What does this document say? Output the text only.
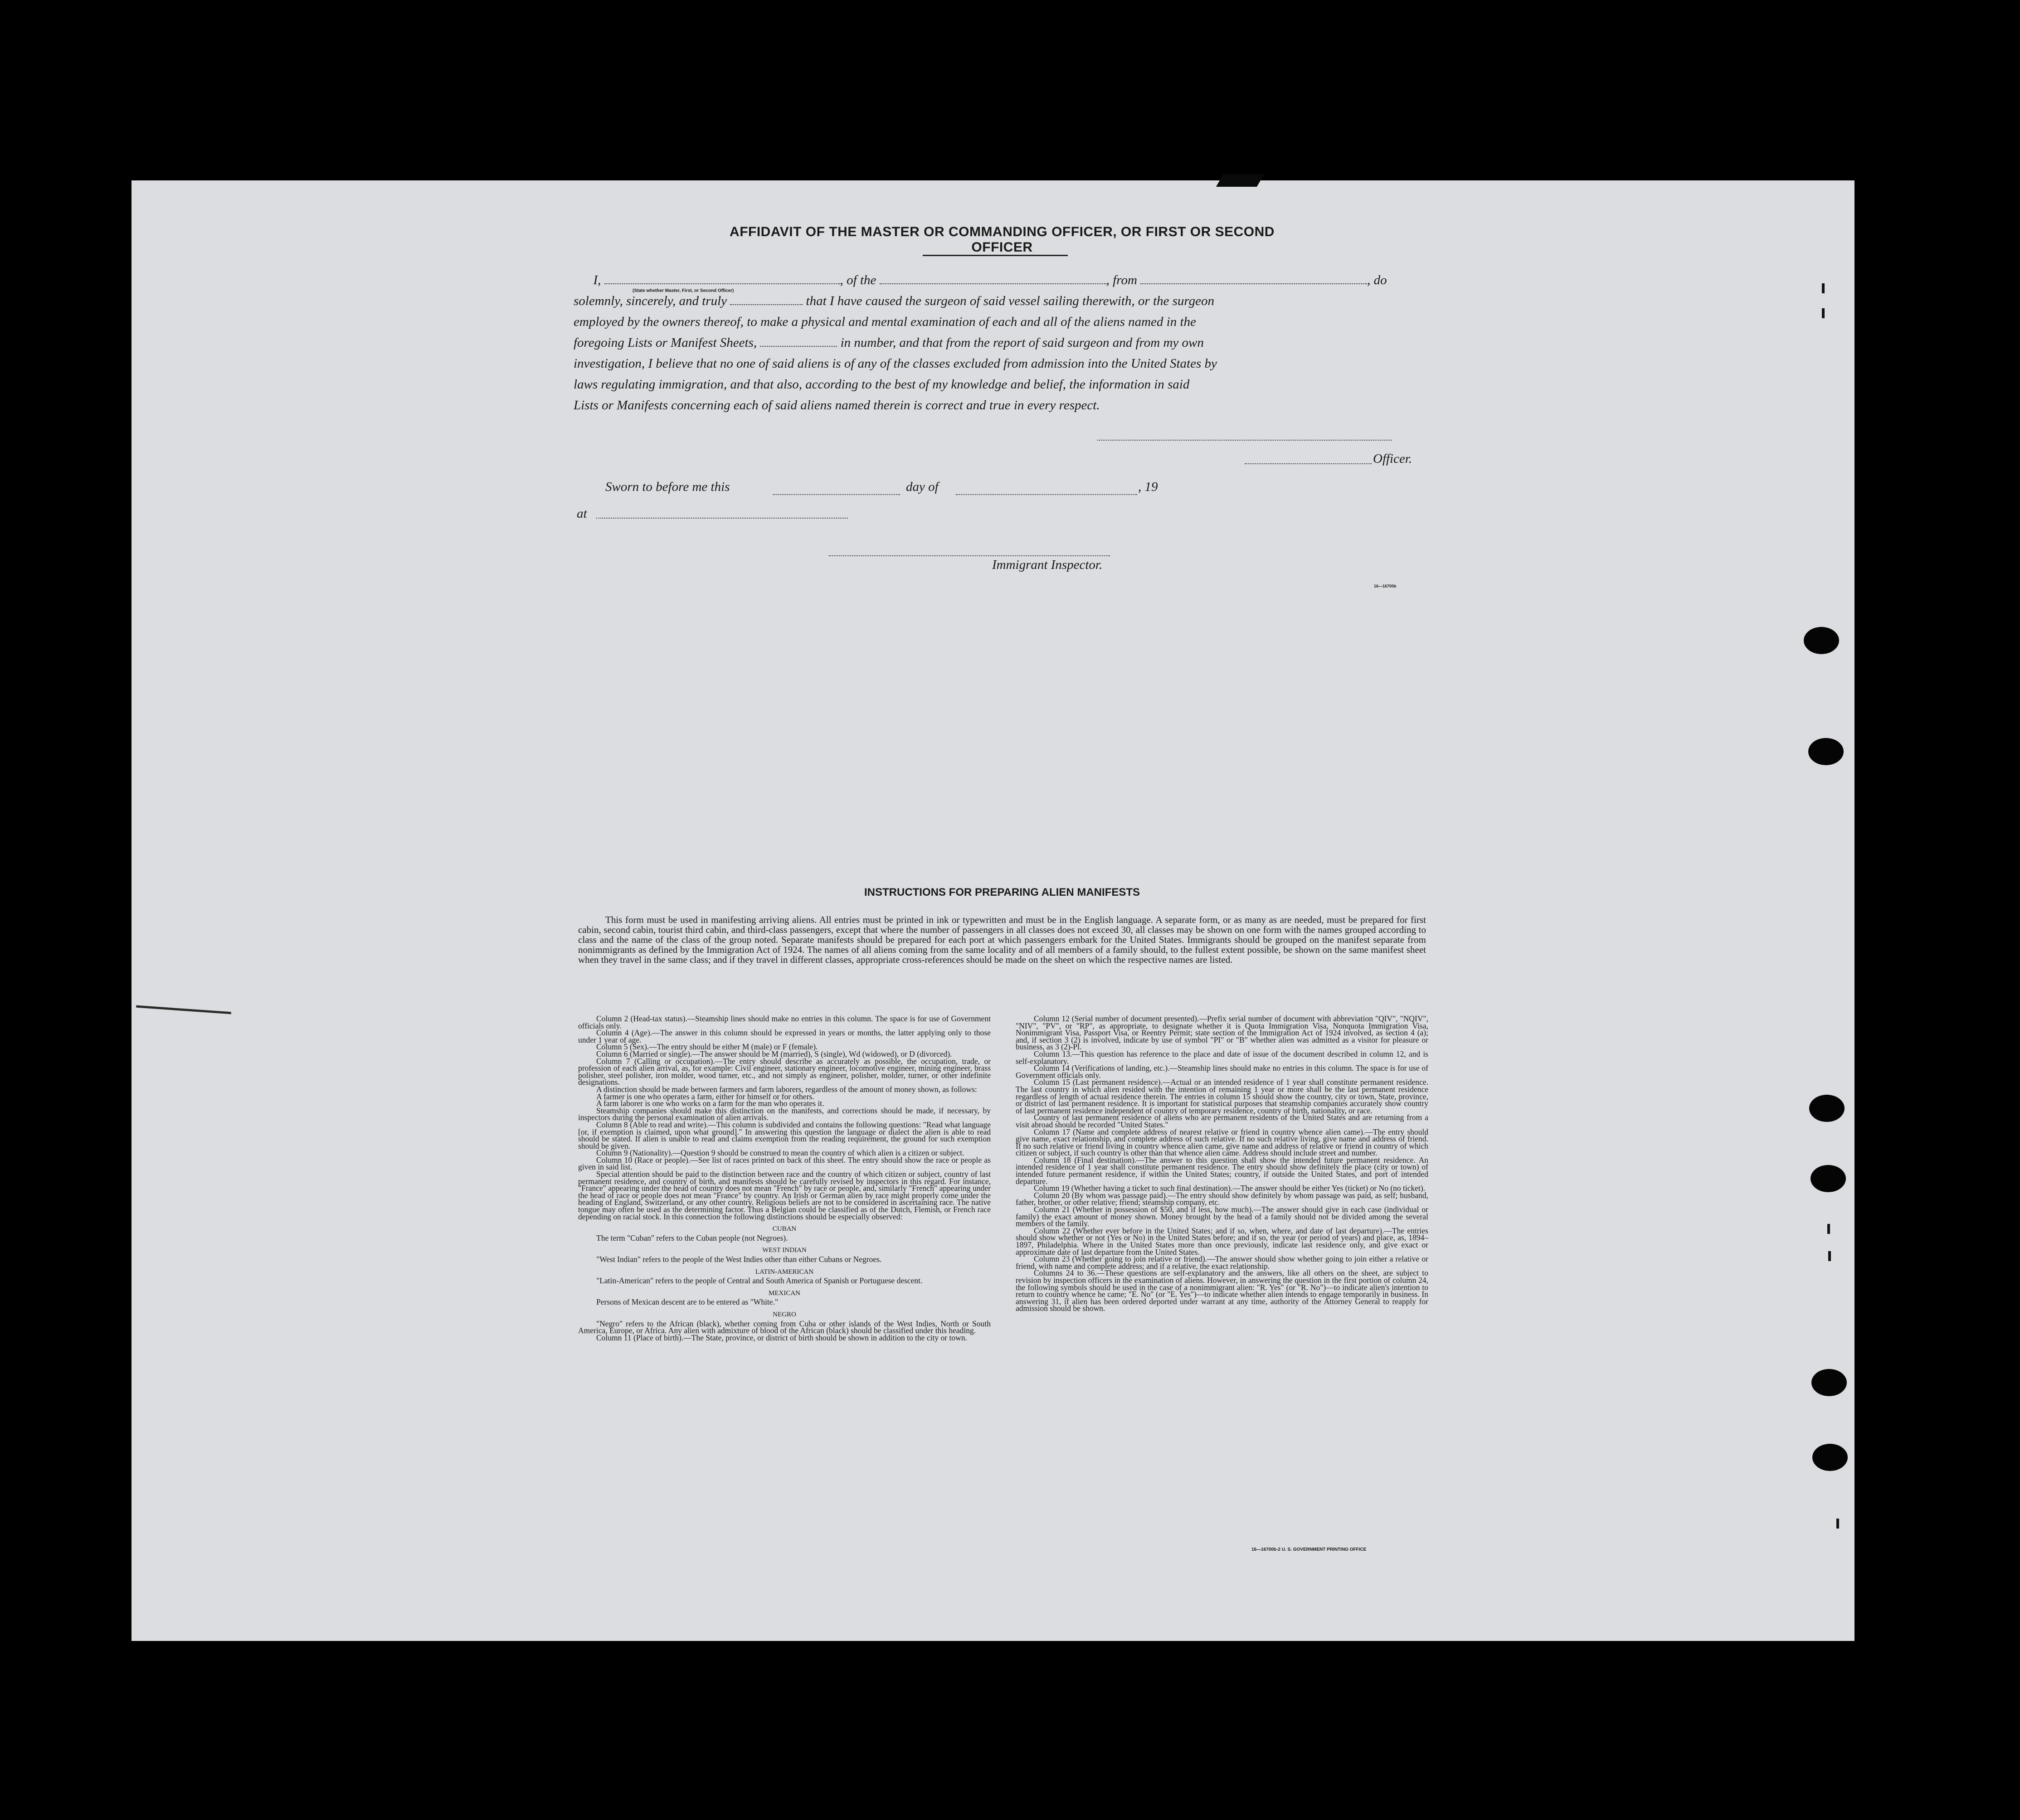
AFFIDAVIT OF THE MASTER OR COMMANDING OFFICER, OR FIRST OR SECOND OFFICER
I,	, of the	, from	, do
solemnly, sincerely, and truly	that I have caused the surgeon of said vessel sailing therewith, or the surgeon
employed by the owners thereof, to make a physical and mental examination of each and all of the aliens named in the
foregoing Lists or Manifest Sheets,	in number, and that from the report of said surgeon and from my own
investigation, I believe that no one of said aliens is of any of the classes excluded from admission into the United States by
laws regulating immigration, and that also, according to the best of my knowledge and belief, the information in said
Lists or Manifests concerning each of said aliens named therein is correct and true in every respect.
(State whether Master, First, or Second Officer)
Officer.
Sworn to before me this	day of	, 19
at
Immigrant Inspector.
16—16700b
INSTRUCTIONS FOR PREPARING ALIEN MANIFESTS
This form must be used in manifesting arriving aliens. All entries must be printed in ink or typewritten and must be in the English language. A separate form, or as many as are needed, must be prepared for first cabin, second cabin, tourist third cabin, and third-class passengers, except that where the number of passengers in all classes does not exceed 30, all classes may be shown on one form with the names grouped according to class and the name of the class of the group noted. Separate manifests should be prepared for each port at which passengers embark for the United States. Immigrants should be grouped on the manifest separate from nonimmigrants as defined by the Immigration Act of 1924. The names of all aliens coming from the same locality and of all members of a family should, to the fullest extent possible, be shown on the same manifest sheet when they travel in the same class; and if they travel in different classes, appropriate cross-references should be made on the sheet on which the respective names are listed.

Column 2 (Head-tax status).—Steamship lines should make no entries in this column. The space is for use of Government officials only.

Column 4 (Age).—The answer in this column should be expressed in years or months, the latter applying only to those under 1 year of age.

Column 5 (Sex).—The entry should be either M (male) or F (female).

Column 6 (Married or single).—The answer should be M (married), S (single), Wd (widowed), or D (divorced).

Column 7 (Calling or occupation).—The entry should describe as accurately as possible, the occupation, trade, or profession of each alien arrival, as, for example: Civil engineer, stationary engineer, locomotive engineer, mining engineer, brass polisher, steel polisher, iron molder, wood turner, etc., and not simply as engineer, polisher, molder, turner, or other indefinite designations.

A distinction should be made between farmers and farm laborers, regardless of the amount of money shown, as follows:

A farmer is one who operates a farm, either for himself or for others.

A farm laborer is one who works on a farm for the man who operates it.

Steamship companies should make this distinction on the manifests, and corrections should be made, if necessary, by inspectors during the personal examination of alien arrivals.

Column 8 (Able to read and write).—This column is subdivided and contains the following questions: "Read what language [or, if exemption is claimed, upon what ground]." In answering this question the language or dialect the alien is able to read should be stated. If alien is unable to read and claims exemption from the reading requirement, the ground for such exemption should be given.

Column 9 (Nationality).—Question 9 should be construed to mean the country of which alien is a citizen or subject.

Column 10 (Race or people).—See list of races printed on back of this sheet. The entry should show the race or people as given in said list.

Special attention should be paid to the distinction between race and the country of which citizen or subject, country of last permanent residence, and country of birth, and manifests should be carefully revised by inspectors in this regard. For instance, "France" appearing under the head of country does not mean "French" by race or people, and, similarly "French" appearing under the head of race or people does not mean "France" by country. An Irish or German alien by race might properly come under the heading of England, Switzerland, or any other country. Religious beliefs are not to be considered in ascertaining race. The native tongue may often be used as the determining factor. Thus a Belgian could be classified as of the Dutch, Flemish, or French race depending on racial stock. In this connection the following distinctions should be especially observed:

CUBAN

The term "Cuban" refers to the Cuban people (not Negroes).

WEST INDIAN

"West Indian" refers to the people of the West Indies other than either Cubans or Negroes.

LATIN-AMERICAN

"Latin-American" refers to the people of Central and South America of Spanish or Portuguese descent.

MEXICAN

Persons of Mexican descent are to be entered as "White."

NEGRO

"Negro" refers to the African (black), whether coming from Cuba or other islands of the West Indies, North or South America, Europe, or Africa. Any alien with admixture of blood of the African (black) should be classified under this heading.

Column 11 (Place of birth).—The State, province, or district of birth should be shown in addition to the city or town.

Column 12 (Serial number of document presented).—Prefix serial number of document with abbreviation "QIV", "NQIV", "NIV", "PV", or "RP", as appropriate, to designate whether it is Quota Immigration Visa, Nonquota Immigration Visa, Nonimmigrant Visa, Passport Visa, or Reentry Permit; state section of the Immigration Act of 1924 involved, as section 4 (a); and, if section 3 (2) is involved, indicate by use of symbol "PI" or "B" whether alien was admitted as a visitor for pleasure or business, as 3 (2)-Pl.

Column 13.—This question has reference to the place and date of issue of the document described in column 12, and is self-explanatory.

Column 14 (Verifications of landing, etc.).—Steamship lines should make no entries in this column. The space is for use of Government officials only.

Column 15 (Last permanent residence).—Actual or an intended residence of 1 year shall constitute permanent residence. The last country in which alien resided with the intention of remaining 1 year or more shall be the last permanent residence regardless of length of actual residence therein. The entries in column 15 should show the country, city or town, State, province, or district of last permanent residence. It is important for statistical purposes that steamship companies accurately show country of last permanent residence independent of country of temporary residence, country of birth, nationality, or race.

Country of last permanent residence of aliens who are permanent residents of the United States and are returning from a visit abroad should be recorded "United States."

Column 17 (Name and complete address of nearest relative or friend in country whence alien came).—The entry should give name, exact relationship, and complete address of such relative. If no such relative living, give name and address of friend. If no such relative or friend living in country whence alien came, give name and address of relative or friend in country of which citizen or subject, if such country is other than that whence alien came. Address should include street and number.

Column 18 (Final destination).—The answer to this question shall show the intended future permanent residence. An intended residence of 1 year shall constitute permanent residence. The entry should show definitely the place (city or town) of intended future permanent residence, if within the United States; country, if outside the United States, and port of intended departure.

Column 19 (Whether having a ticket to such final destination).—The answer should be either Yes (ticket) or No (no ticket).

Column 20 (By whom was passage paid).—The entry should show definitely by whom passage was paid, as self; husband, father, brother, or other relative; friend; steamship company, etc.

Column 21 (Whether in possession of $50, and if less, how much).—The answer should give in each case (individual or family) the exact amount of money shown. Money brought by the head of a family should not be divided among the several members of the family.

Column 22 (Whether ever before in the United States; and if so, when, where, and date of last departure).—The entries should show whether or not (Yes or No) in the United States before; and if so, the year (or period of years) and place, as, 1894–1897, Philadelphia. Where in the United States more than once previously, indicate last residence only, and give exact or approximate date of last departure from the United States.

Column 23 (Whether going to join relative or friend).—The answer should show whether going to join either a relative or friend, with name and complete address; and if a relative, the exact relationship.

Columns 24 to 36.—These questions are self-explanatory and the answers, like all others on the sheet, are subject to revision by inspection officers in the examination of aliens. However, in answering the question in the first portion of column 24, the following symbols should be used in the case of a nonimmigrant alien: "R. Yes" (or "R. No")—to indicate alien's intention to return to country whence he came; "E. No" (or "E. Yes")—to indicate whether alien intends to engage temporarily in business. In answering 31, if alien has been ordered deported under warrant at any time, authority of the Attorney General to reapply for admission should be shown.

16—16700b-2 U. S. GOVERNMENT PRINTING OFFICE
